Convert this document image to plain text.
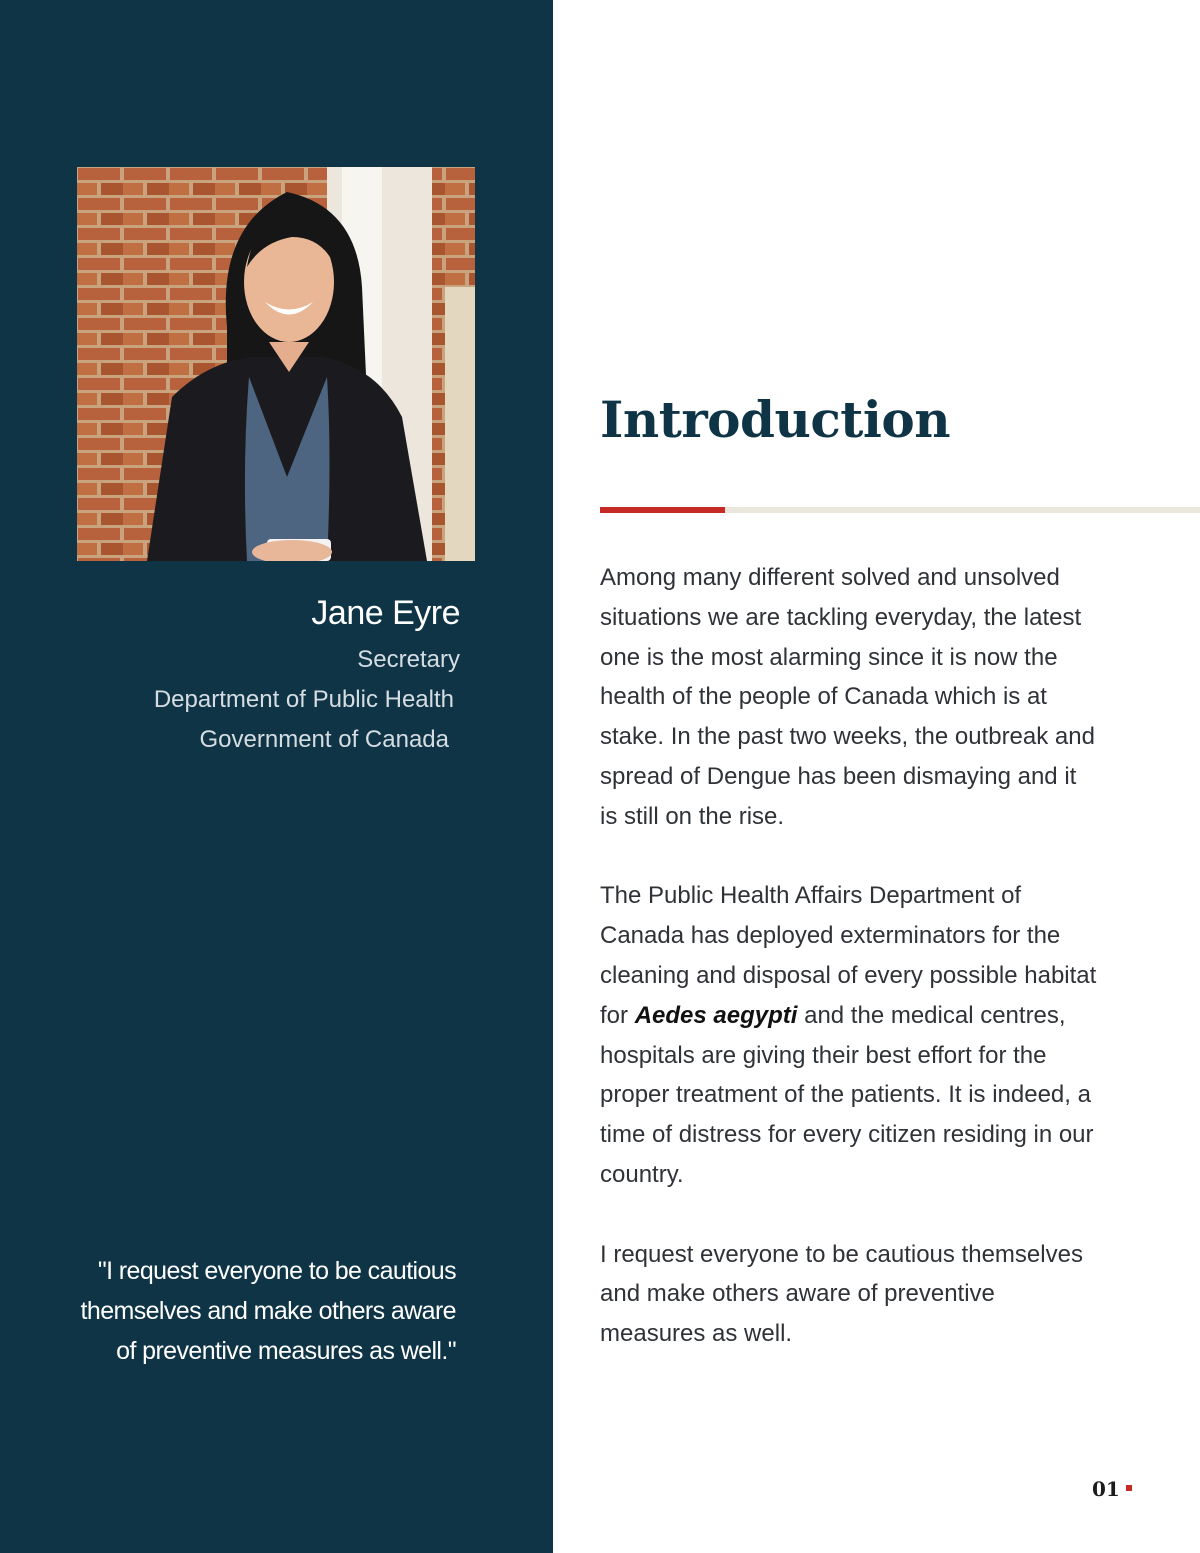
Jane Eyre
Secretary
Department of Public Health
Government of Canada
"I request everyone to be cautious themselves and make others aware of preventive measures as well."
Introduction

Among many different solved and unsolved situations we are tackling everyday, the latest one is the most alarming since it is now the health of the people of Canada which is at stake. In the past two weeks, the outbreak and spread of Dengue has been dismaying and it is still on the rise.

The Public Health Affairs Department of Canada has deployed exterminators for the cleaning and disposal of every possible habitat for Aedes aegypti and the medical centres, hospitals are giving their best effort for the proper treatment of the patients. It is indeed, a time of distress for every citizen residing in our country.

I request everyone to be cautious themselves and make others aware of preventive measures as well.

01
